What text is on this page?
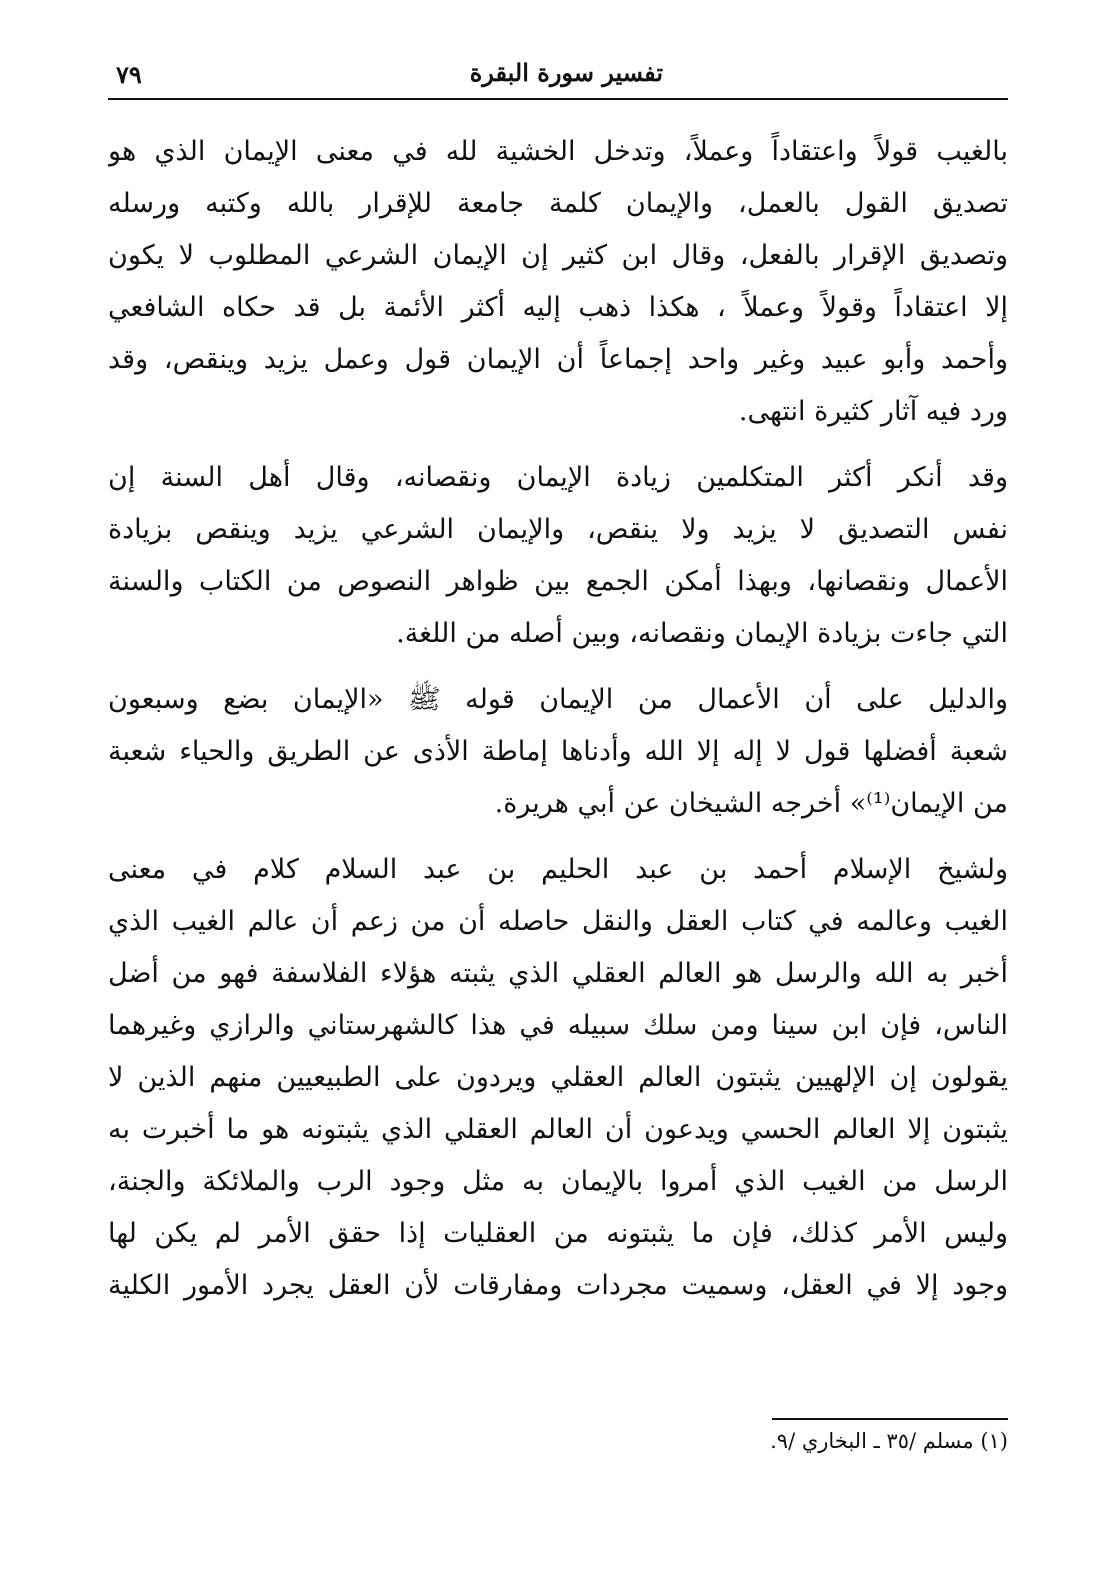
تفسير سورة البقرة
٧٩
بالغيب قولاً واعتقاداً وعملاً، وتدخل الخشية لله في معنى الإيمان الذي هو
تصديق القول بالعمل، والإيمان كلمة جامعة للإقرار بالله وكتبه ورسله
وتصديق الإقرار بالفعل، وقال ابن كثير إن الإيمان الشرعي المطلوب لا يكون
إلا اعتقاداً وقولاً وعملاً ، هكذا ذهب إليه أكثر الأئمة بل قد حكاه الشافعي
وأحمد وأبو عبيد وغير واحد إجماعاً أن الإيمان قول وعمل يزيد وينقص، وقد
ورد فيه آثار كثيرة انتهى.
وقد أنكر أكثر المتكلمين زيادة الإيمان ونقصانه، وقال أهل السنة إن
نفس التصديق لا يزيد ولا ينقص، والإيمان الشرعي يزيد وينقص بزيادة
الأعمال ونقصانها، وبهذا أمكن الجمع بين ظواهر النصوص من الكتاب والسنة
التي جاءت بزيادة الإيمان ونقصانه، وبين أصله من اللغة.
والدليل على أن الأعمال من الإيمان قوله ﷺ «الإيمان بضع وسبعون
شعبة أفضلها قول لا إله إلا الله وأدناها إماطة الأذى عن الطريق والحياء شعبة
من الإيمان⁽¹⁾» أخرجه الشيخان عن أبي هريرة.
ولشيخ الإسلام أحمد بن عبد الحليم بن عبد السلام كلام في معنى
الغيب وعالمه في كتاب العقل والنقل حاصله أن من زعم أن عالم الغيب الذي
أخبر به الله والرسل هو العالم العقلي الذي يثبته هؤلاء الفلاسفة فهو من أضل
الناس، فإن ابن سينا ومن سلك سبيله في هذا كالشهرستاني والرازي وغيرهما
يقولون إن الإلهيين يثبتون العالم العقلي ويردون على الطبيعيين منهم الذين لا
يثبتون إلا العالم الحسي ويدعون أن العالم العقلي الذي يثبتونه هو ما أخبرت به
الرسل من الغيب الذي أمروا بالإيمان به مثل وجود الرب والملائكة والجنة،
وليس الأمر كذلك، فإن ما يثبتونه من العقليات إذا حقق الأمر لم يكن لها
وجود إلا في العقل، وسميت مجردات ومفارقات لأن العقل يجرد الأمور الكلية
(١) مسلم /٣٥ ـ البخاري /٩.
